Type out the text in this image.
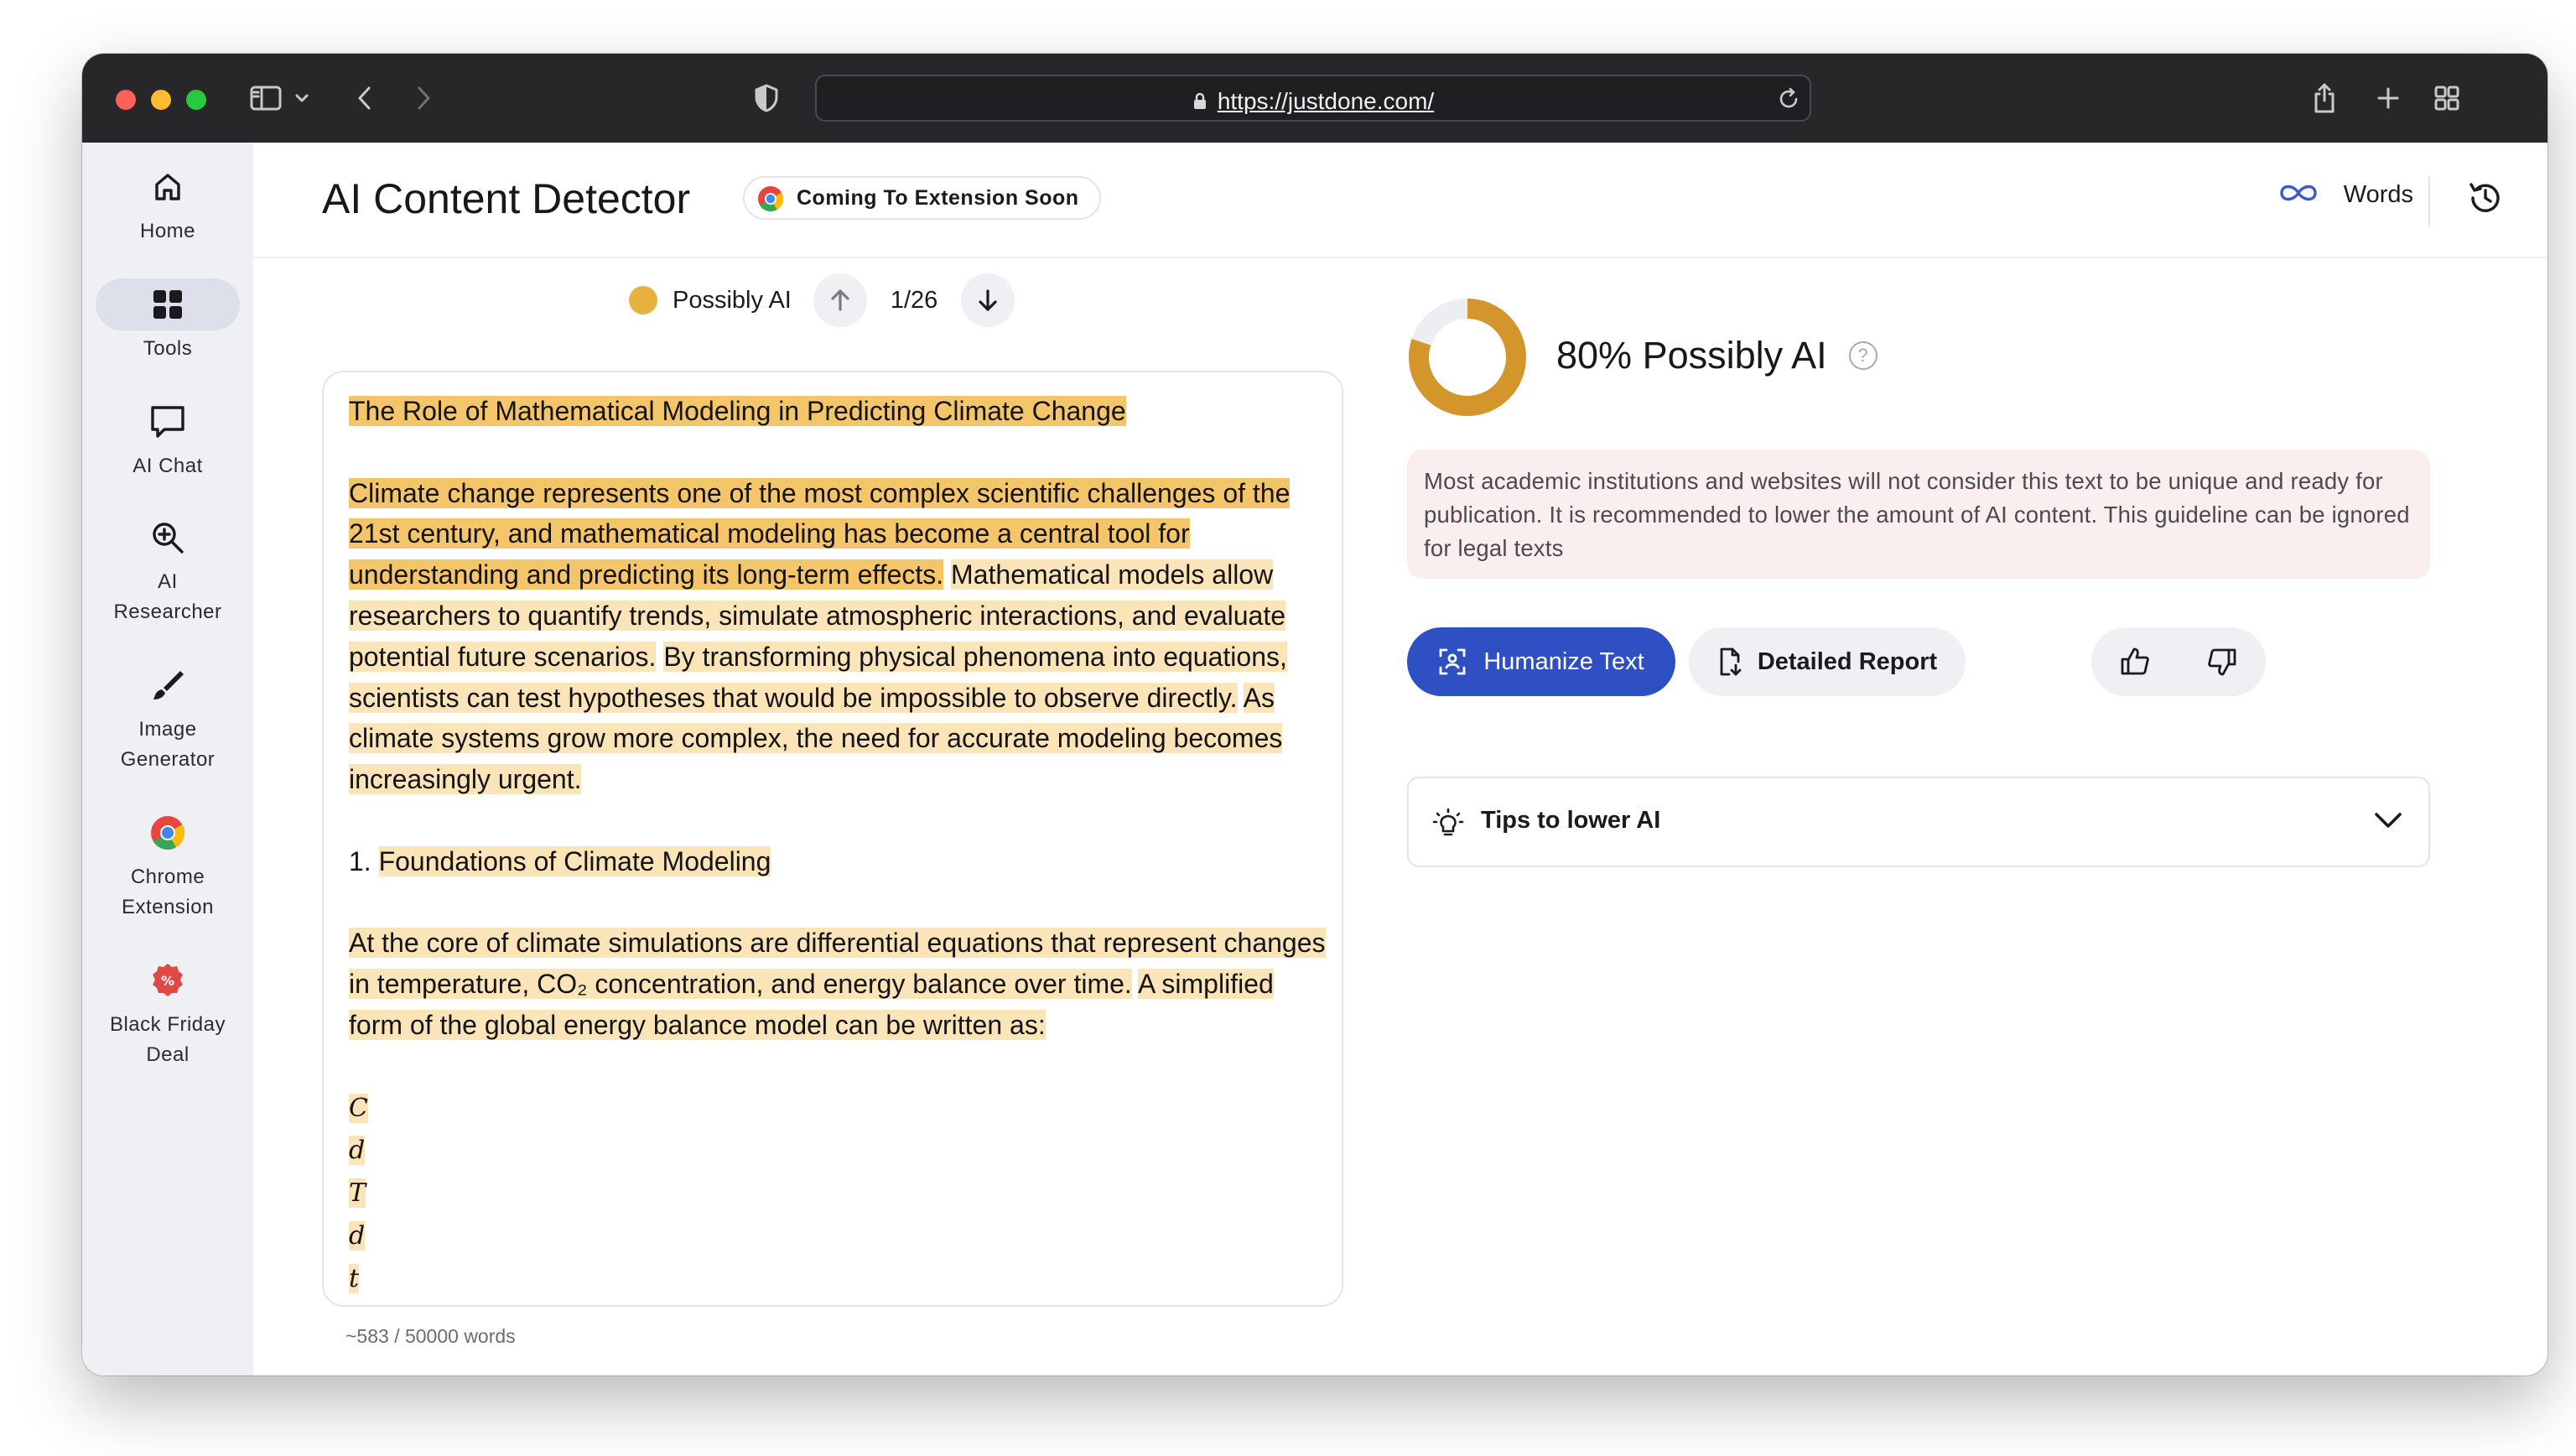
https://justdone.com/
Home
Tools
AI Chat
AI Researcher
Image Generator
Chrome Extension
%
Black Friday Deal
AI Content Detector	Coming To Extension Soon	Words
Possibly AI	1/26
The Role of Mathematical Modeling in Predicting Climate Change
Climate change represents one of the most complex scientific challenges of the 21st century, and mathematical modeling has become a central tool for understanding and predicting its long-term effects. Mathematical models allow researchers to quantify trends, simulate atmospheric interactions, and evaluate potential future scenarios. By transforming physical phenomena into equations, scientists can test hypotheses that would be impossible to observe directly. As climate systems grow more complex, the need for accurate modeling becomes increasingly urgent.
1. Foundations of Climate Modeling
At the core of climate simulations are differential equations that represent changes in temperature, CO₂ concentration, and energy balance over time. A simplified form of the global energy balance model can be written as:
C
d
T
d
t
~583 / 50000 words
80% Possibly AI	?
Most academic institutions and websites will not consider this text to be unique and ready for publication. It is recommended to lower the amount of AI content. This guideline can be ignored for legal texts
Humanize Text	Detailed Report
Tips to lower AI
